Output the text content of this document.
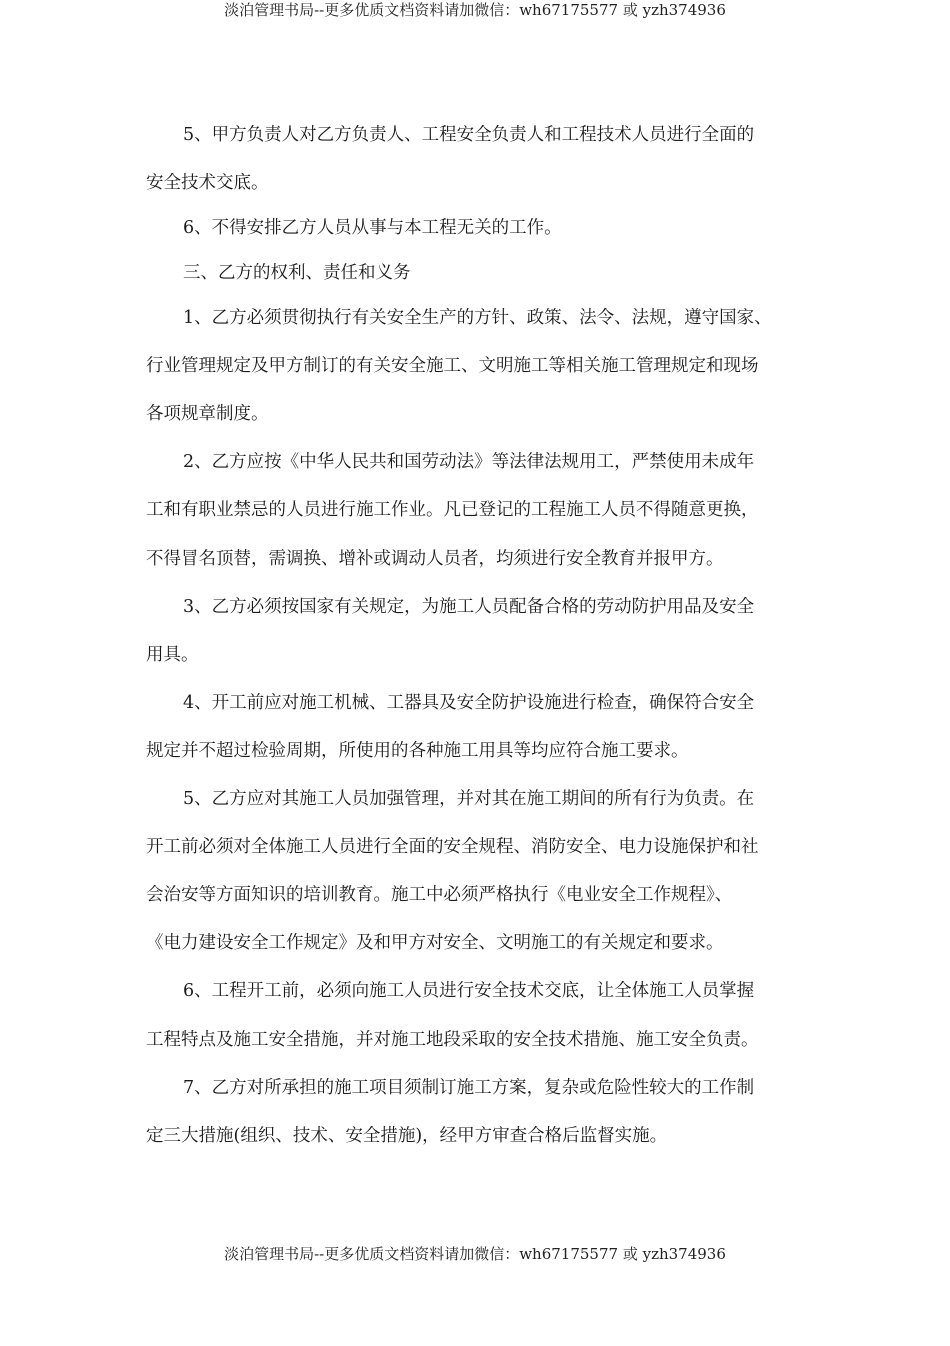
淡泊管理书局--更多优质文档资料请加微信：wh67175577 或 yzh374936
5、甲方负责人对乙方负责人、工程安全负责人和工程技术人员进行全面的
安全技术交底。
6、不得安排乙方人员从事与本工程无关的工作。
三、乙方的权利、责任和义务
1、乙方必须贯彻执行有关安全生产的方针、政策、法令、法规，遵守国家、
行业管理规定及甲方制订的有关安全施工、文明施工等相关施工管理规定和现场
各项规章制度。
2、乙方应按《中华人民共和国劳动法》等法律法规用工，严禁使用未成年
工和有职业禁忌的人员进行施工作业。凡已登记的工程施工人员不得随意更换，
不得冒名顶替，需调换、增补或调动人员者，均须进行安全教育并报甲方。
3、乙方必须按国家有关规定，为施工人员配备合格的劳动防护用品及安全
用具。
4、开工前应对施工机械、工器具及安全防护设施进行检查，确保符合安全
规定并不超过检验周期，所使用的各种施工用具等均应符合施工要求。
5、乙方应对其施工人员加强管理，并对其在施工期间的所有行为负责。在
开工前必须对全体施工人员进行全面的安全规程、消防安全、电力设施保护和社
会治安等方面知识的培训教育。施工中必须严格执行《电业安全工作规程》、
《电力建设安全工作规定》及和甲方对安全、文明施工的有关规定和要求。
6、工程开工前，必须向施工人员进行安全技术交底，让全体施工人员掌握
工程特点及施工安全措施，并对施工地段采取的安全技术措施、施工安全负责。
7、乙方对所承担的施工项目须制订施工方案，复杂或危险性较大的工作制
定三大措施(组织、技术、安全措施)，经甲方审查合格后监督实施。
淡泊管理书局--更多优质文档资料请加微信：wh67175577 或 yzh374936
